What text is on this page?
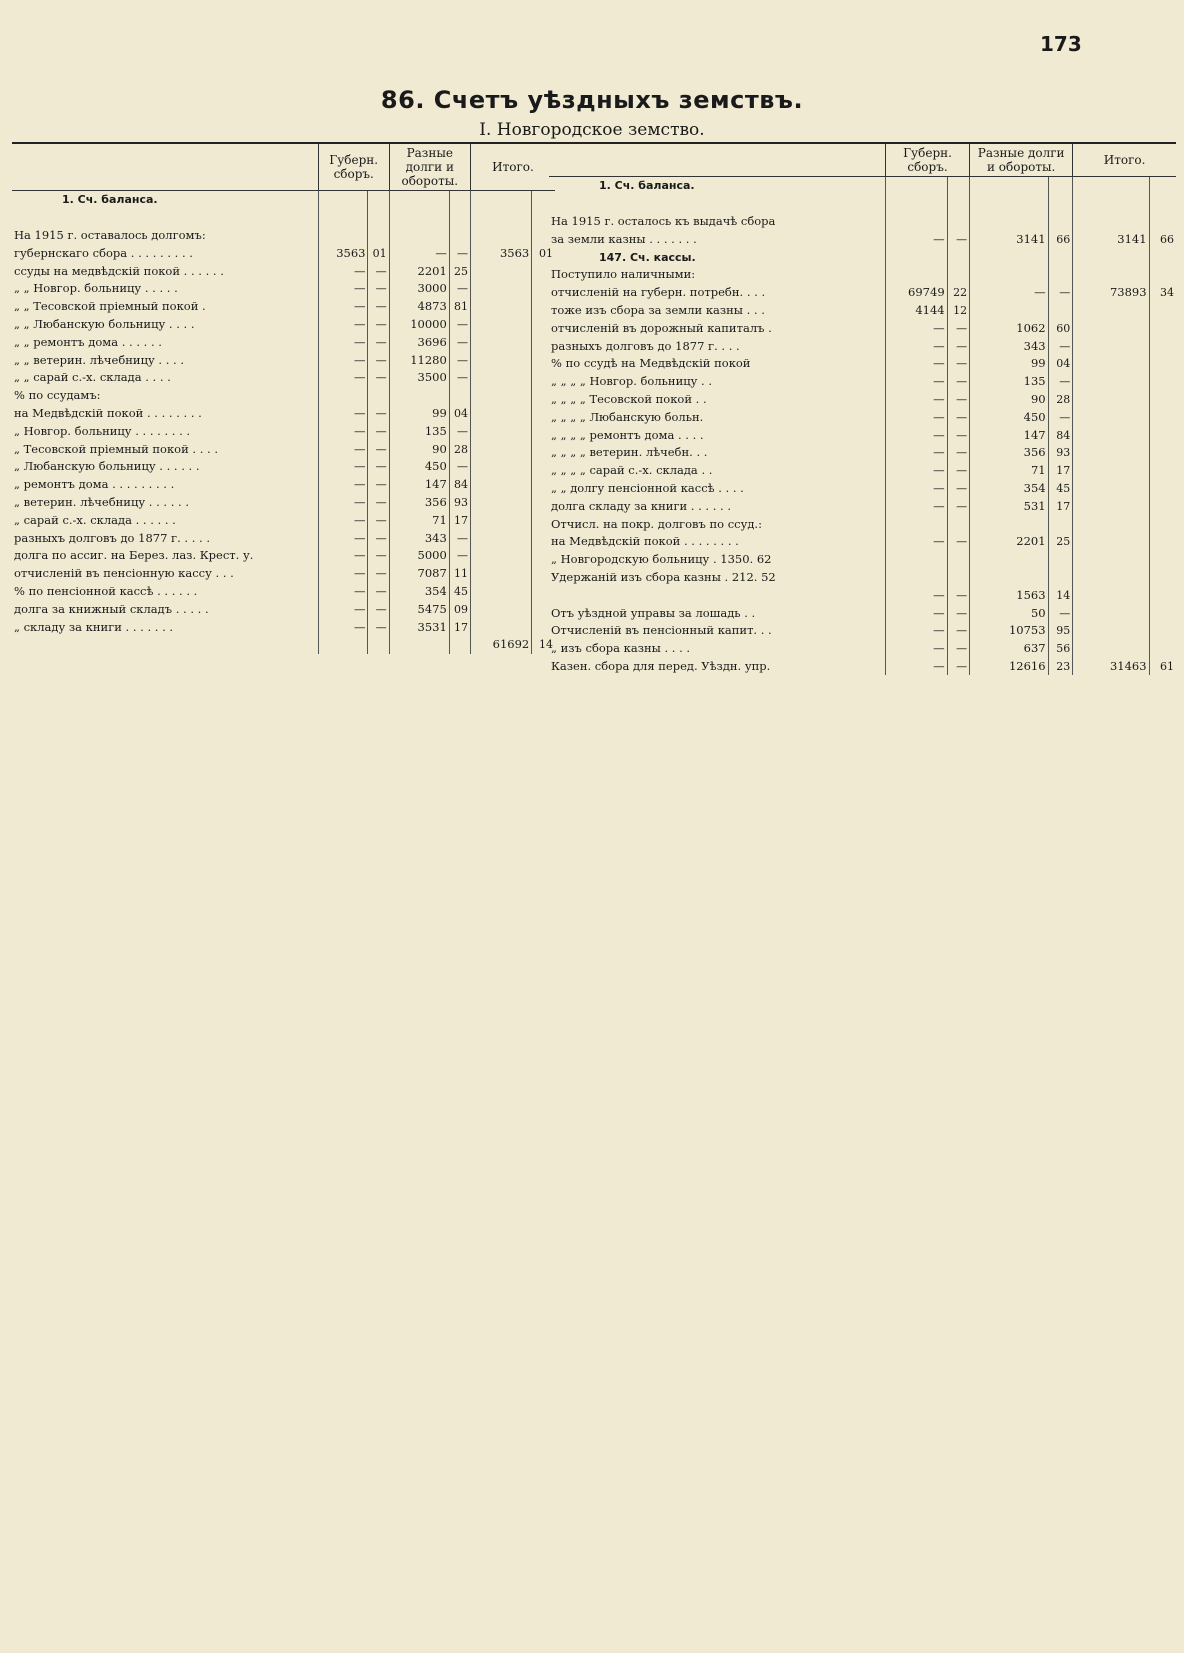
173
86. Счетъ уѣздныхъ земствъ.
I. Новгородское земство.
	Губерн. сборъ.		Разные долги и обороты.		Итого.	
1. Сч. баланса.						

На 1915 г. оставалось долгомъ:						
губернскаго сбора . . . . . . . . .	3563	01	—	—	3563	01
ссуды на медвѣдскій покой . . . . . .	—	—	2201	25		
„ „ Новгор. больницу . . . . .	—	—	3000	—		
„ „ Тесовской пріемный покой .	—	—	4873	81		
„ „ Любанскую больницу . . . .	—	—	10000	—		
„ „ ремонтъ дома . . . . . .	—	—	3696	—		
„ „ ветерин. лѣчебницу . . . .	—	—	11280	—		
„ „ сарай с.-х. склада . . . .	—	—	3500	—		
% по ссудамъ:						
на Медвѣдскій покой . . . . . . . .	—	—	99	04		
„ Новгор. больницу . . . . . . . .	—	—	135	—		
„ Тесовской пріемный покой . . . .	—	—	90	28		
„ Любанскую больницу . . . . . .	—	—	450	—		
„ ремонтъ дома . . . . . . . . .	—	—	147	84		
„ ветерин. лѣчебницу . . . . . .	—	—	356	93		
„ сарай с.-х. склада . . . . . .	—	—	71	17		
разныхъ долговъ до 1877 г. . . . .	—	—	343	—		
долга по ассиг. на Берез. лаз. Крест. у.	—	—	5000	—		
отчисленій въ пенсіонную кассу . . .	—	—	7087	11		
% по пенсіонной кассѣ . . . . . .	—	—	354	45		
долга за книжный складъ . . . . .	—	—	5475	09		
„ складу за книги . . . . . . .	—	—	3531	17		
					61692	14
	Губерн. сборъ.		Разные долги и обороты.		Итого.	
1. Сч. баланса.						

На 1915 г. осталось къ выдачѣ сбора						
за земли казны . . . . . . .	—	—	3141	66	3141	66
147. Сч. кассы.						
Поступило наличными:						
отчисленій на губерн. потребн. . . .	69749	22	—	—	73893	34
тоже изъ сбора за земли казны . . .	4144	12				
отчисленій въ дорожный капиталъ .	—	—	1062	60		
разныхъ долговъ до 1877 г. . . .	—	—	343	—		
% по ссудѣ на Медвѣдскій покой	—	—	99	04		
„ „ „ „ Новгор. больницу . .	—	—	135	—		
„ „ „ „ Тесовской покой . .	—	—	90	28		
„ „ „ „ Любанскую больн.	—	—	450	—		
„ „ „ „ ремонтъ дома . . . .	—	—	147	84		
„ „ „ „ ветерин. лѣчебн. . .	—	—	356	93		
„ „ „ „ сарай с.-х. склада . .	—	—	71	17		
„ „ долгу пенсіонной кассѣ . . . .	—	—	354	45		
долга складу за книги . . . . . .	—	—	531	17		
Отчисл. на покр. долговъ по ссуд.:						
на Медвѣдскій покой . . . . . . . .	—	—	2201	25		
„ Новгородскую больницу . 1350. 62						
Удержаній изъ сбора казны . 212. 52						
	—	—	1563	14		
Отъ уѣздной управы за лошадь . .	—	—	50	—		
Отчисленій въ пенсіонный капит. . .	—	—	10753	95		
„ изъ сбора казны . . . .	—	—	637	56		
Казен. сбора для перед. Уѣздн. упр.	—	—	12616	23	31463	61
